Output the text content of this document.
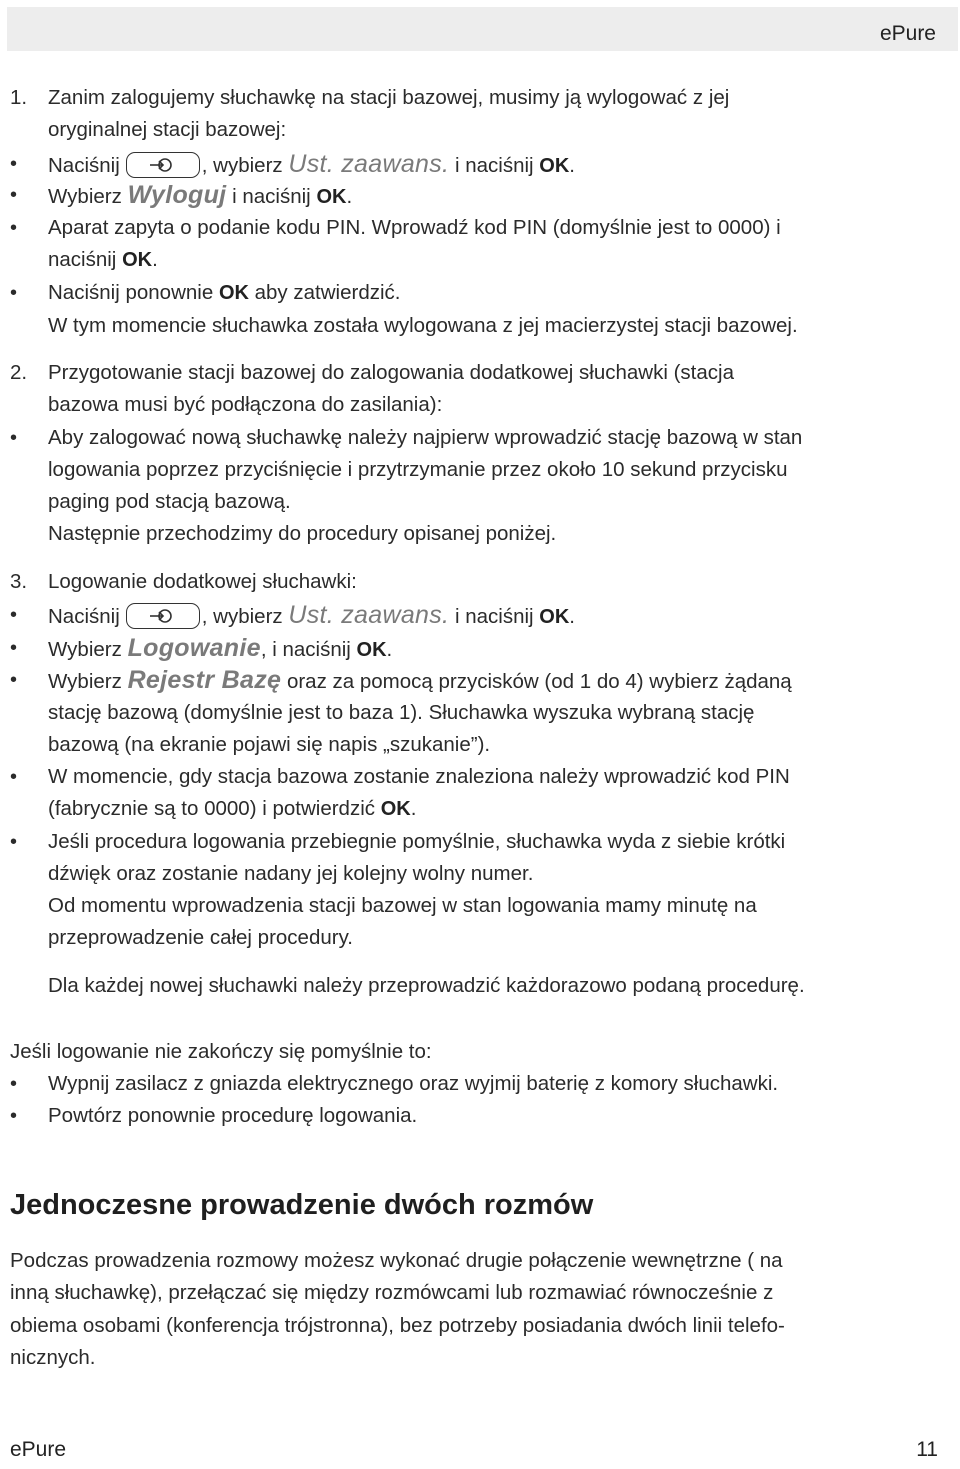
ePure
1. Zanim zalogujemy słuchawkę na stacji bazowej, musimy ją wylogować z jej
oryginalnej stacji bazowej:
• Naciśnij	, wybierz Ust. zaawans. i naciśnij OK.
• Wybierz Wyloguj i naciśnij OK.
• Aparat zapyta o podanie kodu PIN. Wprowadź kod PIN (domyślnie jest to 0000) i
naciśnij OK.
• Naciśnij ponownie OK aby zatwierdzić.
W tym momencie słuchawka została wylogowana z jej macierzystej stacji bazowej.
2. Przygotowanie stacji bazowej do zalogowania dodatkowej słuchawki (stacja
bazowa musi być podłączona do zasilania):
• Aby zalogować nową słuchawkę należy najpierw wprowadzić stację bazową w stan
logowania poprzez przyciśnięcie i przytrzymanie przez około 10 sekund przycisku
paging pod stacją bazową.
Następnie przechodzimy do procedury opisanej poniżej.
3. Logowanie dodatkowej słuchawki:
• Naciśnij	, wybierz Ust. zaawans. i naciśnij OK.
• Wybierz Logowanie, i naciśnij OK.
• Wybierz Rejestr Bazę oraz za pomocą przycisków (od 1 do 4) wybierz żądaną
stację bazową (domyślnie jest to baza 1). Słuchawka wyszuka wybraną stację
bazową (na ekranie pojawi się napis „szukanie”).
• W momencie, gdy stacja bazowa zostanie znaleziona należy wprowadzić kod PIN
(fabrycznie są to 0000) i potwierdzić OK.
• Jeśli procedura logowania przebiegnie pomyślnie, słuchawka wyda z siebie krótki
dźwięk oraz zostanie nadany jej kolejny wolny numer.
Od momentu wprowadzenia stacji bazowej w stan logowania mamy minutę na
przeprowadzenie całej procedury.
Dla każdej nowej słuchawki należy przeprowadzić każdorazowo podaną procedurę.
Jeśli logowanie nie zakończy się pomyślnie to:
• Wypnij zasilacz z gniazda elektrycznego oraz wyjmij baterię z komory słuchawki.
• Powtórz ponownie procedurę logowania.
Jednoczesne prowadzenie dwóch rozmów
Podczas prowadzenia rozmowy możesz wykonać drugie połączenie wewnętrzne ( na
inną słuchawkę), przełączać się między rozmówcami lub rozmawiać równocześnie z
obiema osobami (konferencja trójstronna), bez potrzeby posiadania dwóch linii telefo-
nicznych.
ePure	11
